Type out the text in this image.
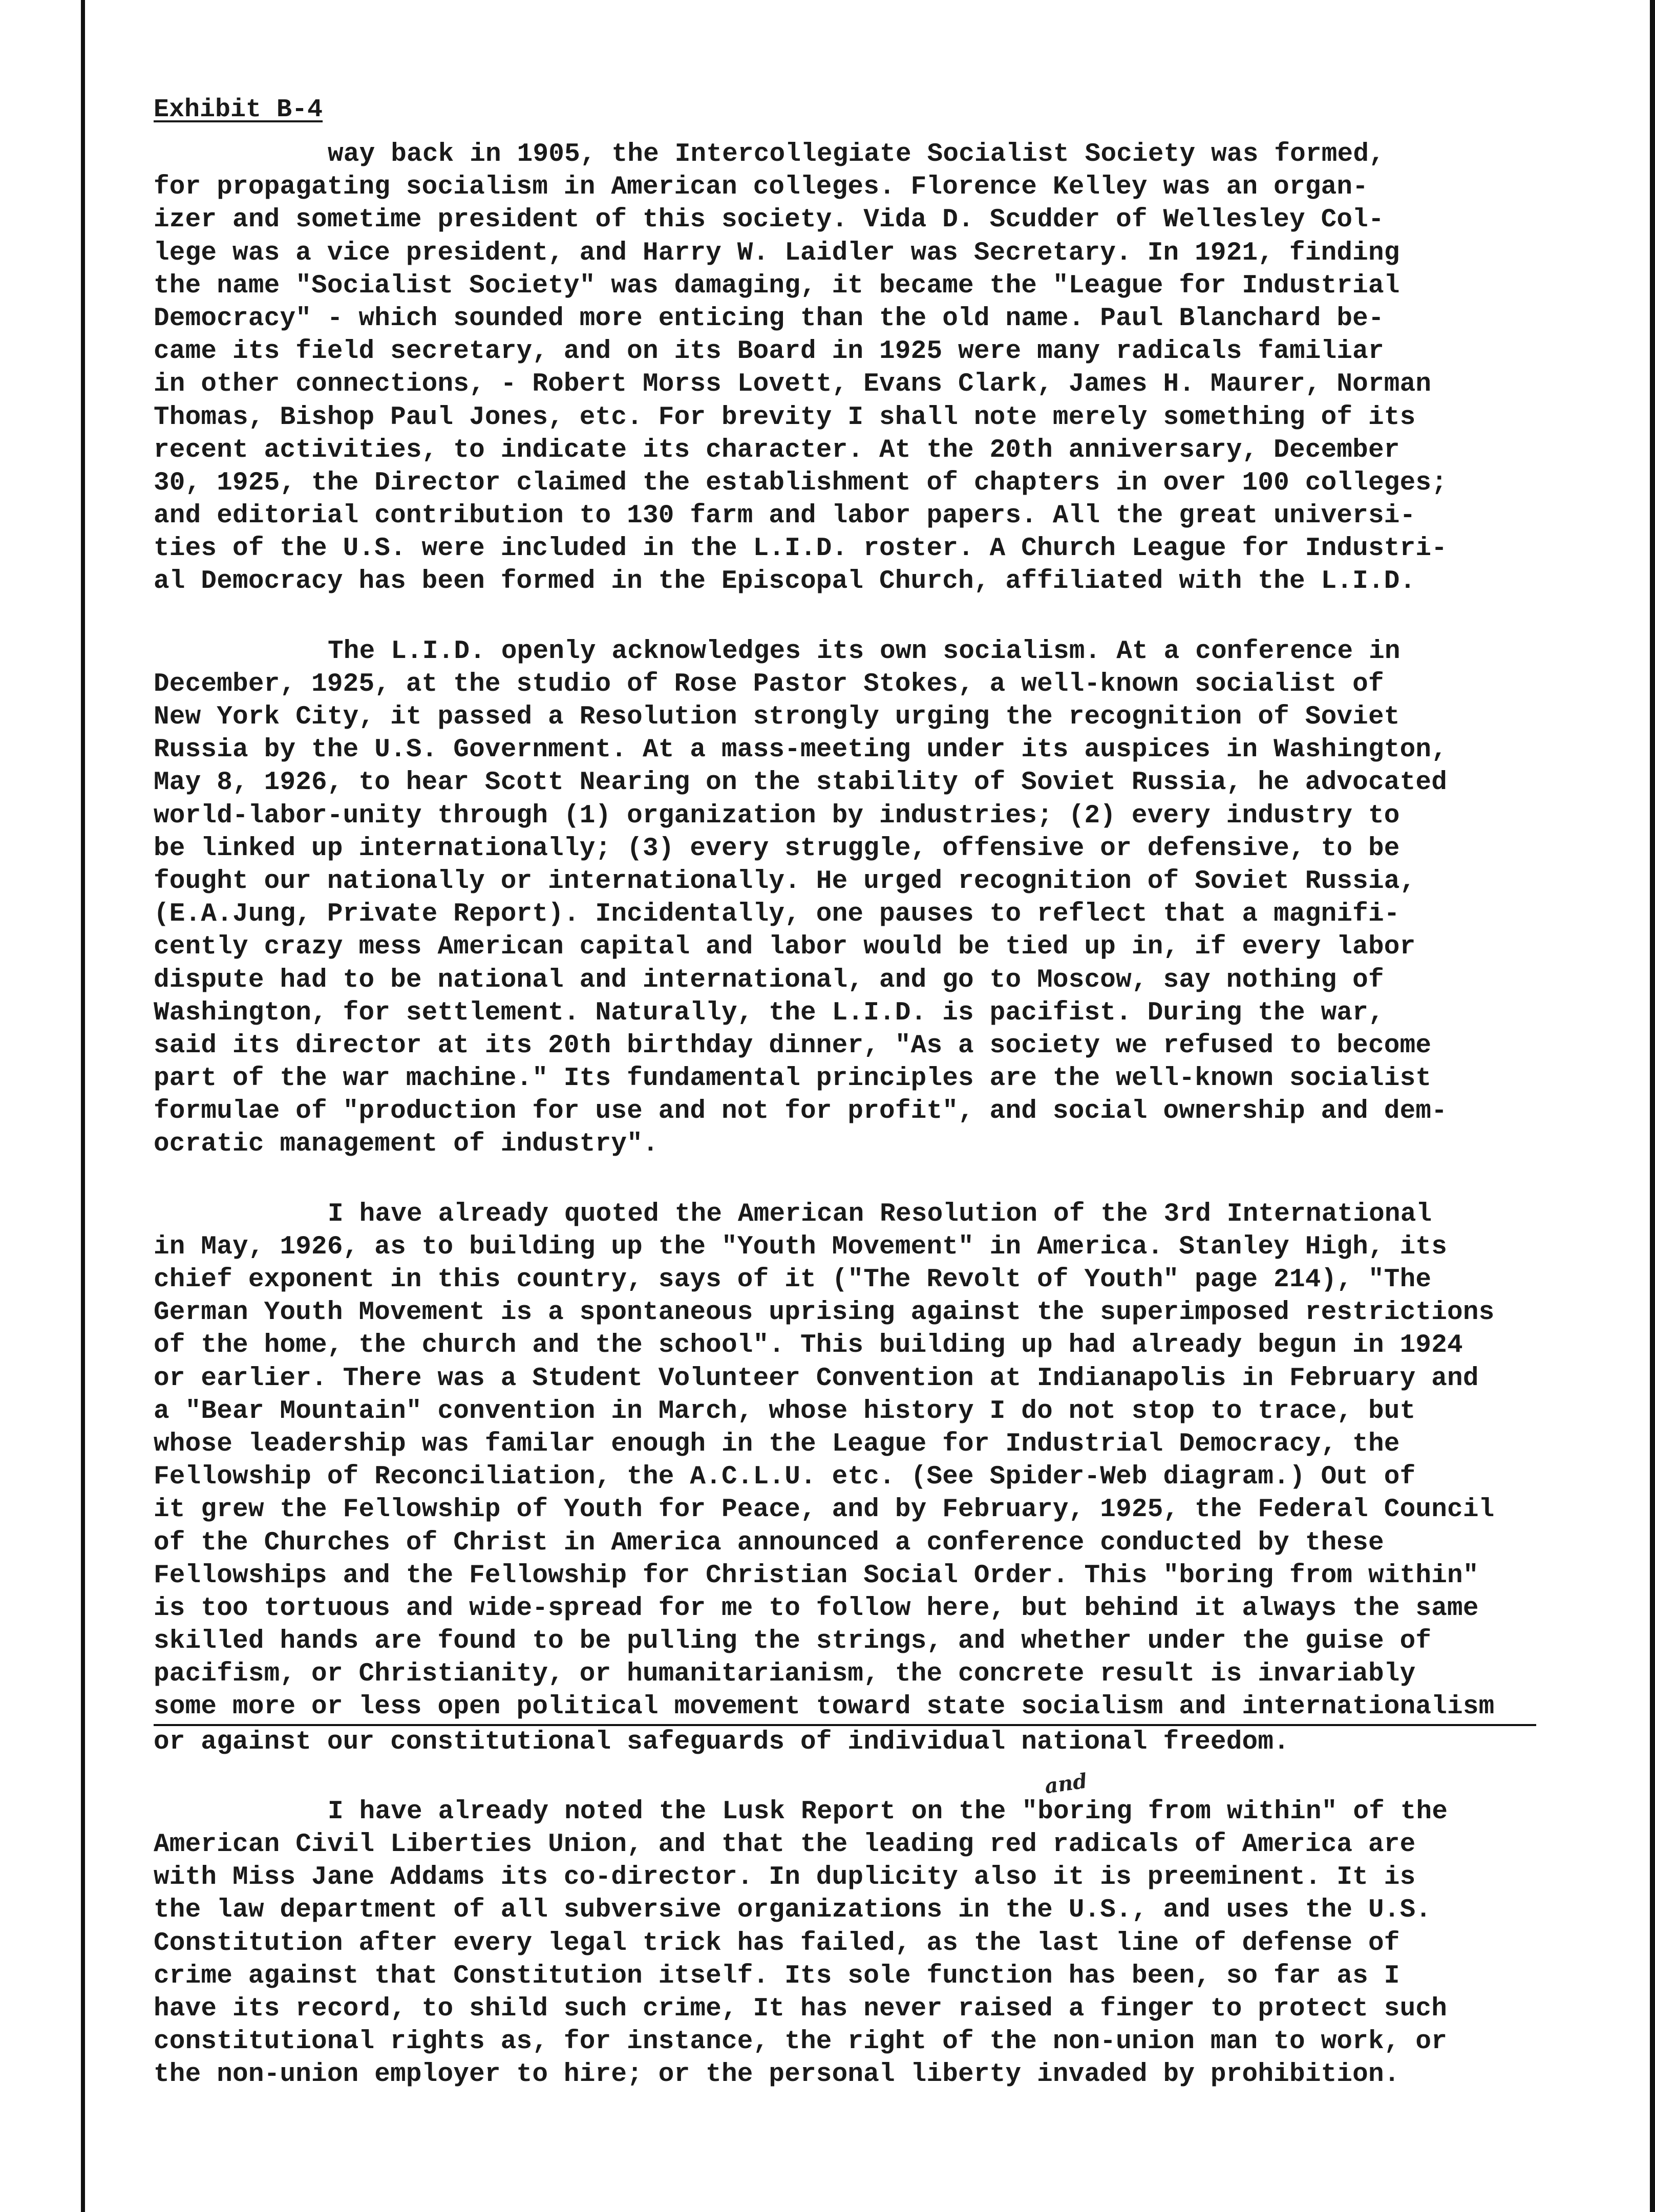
Exhibit B-4
way back in 1905, the Intercollegiate Socialist Society was formed,
for propagating socialism in American colleges. Florence Kelley was an organ-
izer and sometime president of this society. Vida D. Scudder of Wellesley Col-
lege was a vice president, and Harry W. Laidler was Secretary. In 1921, finding
the name "Socialist Society" was damaging, it became the "League for Industrial
Democracy" - which sounded more enticing than the old name. Paul Blanchard be-
came its field secretary, and on its Board in 1925 were many radicals familiar
in other connections, - Robert Morss Lovett, Evans Clark, James H. Maurer, Norman
Thomas, Bishop Paul Jones, etc. For brevity I shall note merely something of its
recent activities, to indicate its character. At the 20th anniversary, December
30, 1925, the Director claimed the establishment of chapters in over 100 colleges;
and editorial contribution to 130 farm and labor papers. All the great universi-
ties of the U.S. were included in the L.I.D. roster. A Church League for Industri-
al Democracy has been formed in the Episcopal Church, affiliated with the L.I.D.
The L.I.D. openly acknowledges its own socialism. At a conference in
December, 1925, at the studio of Rose Pastor Stokes, a well-known socialist of
New York City, it passed a Resolution strongly urging the recognition of Soviet
Russia by the U.S. Government. At a mass-meeting under its auspices in Washington,
May 8, 1926, to hear Scott Nearing on the stability of Soviet Russia, he advocated
world-labor-unity through (1) organization by industries; (2) every industry to
be linked up internationally; (3) every struggle, offensive or defensive, to be
fought our nationally or internationally. He urged recognition of Soviet Russia,
(E.A.Jung, Private Report). Incidentally, one pauses to reflect that a magnifi-
cently crazy mess American capital and labor would be tied up in, if every labor
dispute had to be national and international, and go to Moscow, say nothing of
Washington, for settlement. Naturally, the L.I.D. is pacifist. During the war,
said its director at its 20th birthday dinner, "As a society we refused to become
part of the war machine." Its fundamental principles are the well-known socialist
formulae of "production for use and not for profit", and social ownership and dem-
ocratic management of industry".
I have already quoted the American Resolution of the 3rd International
in May, 1926, as to building up the "Youth Movement" in America. Stanley High, its
chief exponent in this country, says of it ("The Revolt of Youth" page 214), "The
German Youth Movement is a spontaneous uprising against the superimposed restrictions
of the home, the church and the school". This building up had already begun in 1924
or earlier. There was a Student Volunteer Convention at Indianapolis in February and
a "Bear Mountain" convention in March, whose history I do not stop to trace, but
whose leadership was familar enough in the League for Industrial Democracy, the
Fellowship of Reconciliation, the A.C.L.U. etc. (See Spider-Web diagram.) Out of
it grew the Fellowship of Youth for Peace, and by February, 1925, the Federal Council
of the Churches of Christ in America announced a conference conducted by these
Fellowships and the Fellowship for Christian Social Order. This "boring from within"
is too tortuous and wide-spread for me to follow here, but behind it always the same
skilled hands are found to be pulling the strings, and whether under the guise of
pacifism, or Christianity, or humanitarianism, the concrete result is invariably
some more or less open political movement toward state socialism and internationalism
or against our constitutional safeguards of individual national freedom.
I have already noted the Lusk Report on the "boring from within" of the
American Civil Liberties Union, and that the leading red radicals of America are
with Miss Jane Addams its co-director. In duplicity also it is preeminent. It is
the law department of all subversive organizations in the U.S., and uses the U.S.
Constitution after every legal trick has failed, as the last line of defense of
crime against that Constitution itself. Its sole function has been, so far as I
have its record, to shild such crime, It has never raised a finger to protect such
constitutional rights as, for instance, the right of the non-union man to work, or
the non-union employer to hire; or the personal liberty invaded by prohibition.
and
